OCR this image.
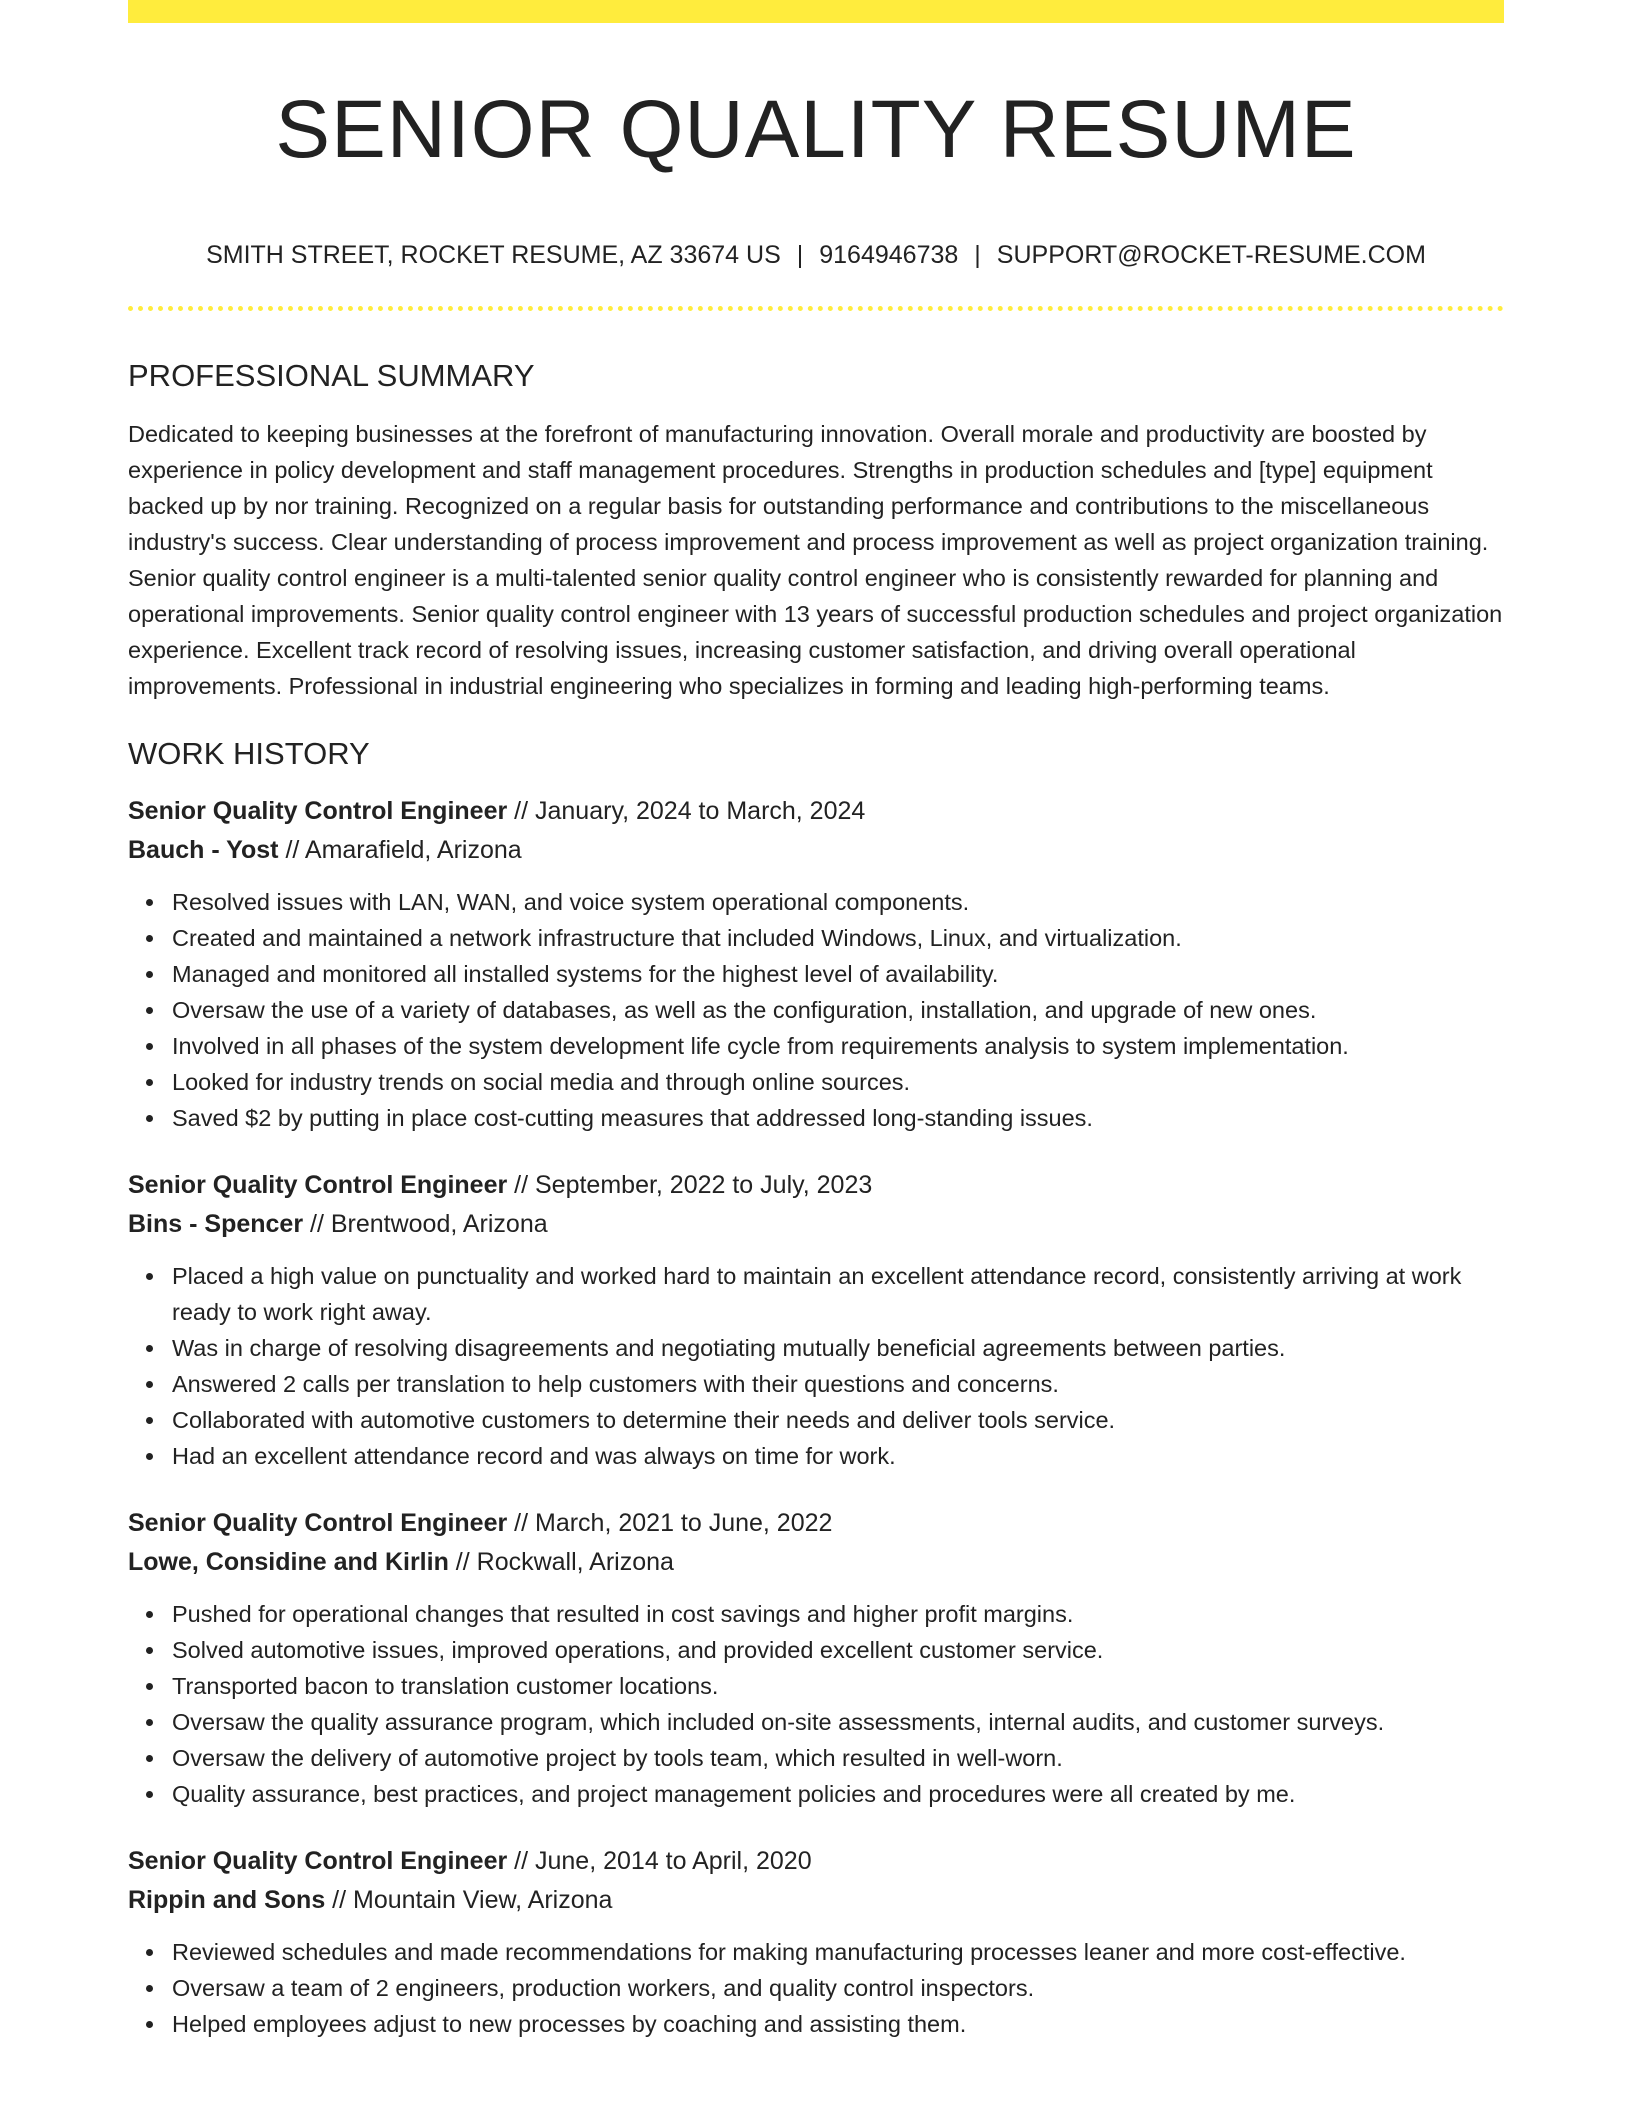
SENIOR QUALITY RESUME
SMITH STREET, ROCKET RESUME, AZ 33674 US | 9164946738 | SUPPORT@ROCKET-RESUME.COM
PROFESSIONAL SUMMARY

Dedicated to keeping businesses at the forefront of manufacturing innovation. Overall morale and productivity are boosted by experience in policy development and staff management procedures. Strengths in production schedules and [type] equipment backed up by nor training. Recognized on a regular basis for outstanding performance and contributions to the miscellaneous industry's success. Clear understanding of process improvement and process improvement as well as project organization training. Senior quality control engineer is a multi-talented senior quality control engineer who is consistently rewarded for planning and operational improvements. Senior quality control engineer with 13 years of successful production schedules and project organization experience. Excellent track record of resolving issues, increasing customer satisfaction, and driving overall operational improvements. Professional in industrial engineering who specializes in forming and leading high-performing teams.

WORK HISTORY
Senior Quality Control Engineer // January, 2024 to March, 2024
Bauch - Yost // Amarafield, Arizona
Resolved issues with LAN, WAN, and voice system operational components.
Created and maintained a network infrastructure that included Windows, Linux, and virtualization.
Managed and monitored all installed systems for the highest level of availability.
Oversaw the use of a variety of databases, as well as the configuration, installation, and upgrade of new ones.
Involved in all phases of the system development life cycle from requirements analysis to system implementation.
Looked for industry trends on social media and through online sources.
Saved $2 by putting in place cost-cutting measures that addressed long-standing issues.
Senior Quality Control Engineer // September, 2022 to July, 2023
Bins - Spencer // Brentwood, Arizona
Placed a high value on punctuality and worked hard to maintain an excellent attendance record, consistently arriving at work ready to work right away.
Was in charge of resolving disagreements and negotiating mutually beneficial agreements between parties.
Answered 2 calls per translation to help customers with their questions and concerns.
Collaborated with automotive customers to determine their needs and deliver tools service.
Had an excellent attendance record and was always on time for work.
Senior Quality Control Engineer // March, 2021 to June, 2022
Lowe, Considine and Kirlin // Rockwall, Arizona
Pushed for operational changes that resulted in cost savings and higher profit margins.
Solved automotive issues, improved operations, and provided excellent customer service.
Transported bacon to translation customer locations.
Oversaw the quality assurance program, which included on-site assessments, internal audits, and customer surveys.
Oversaw the delivery of automotive project by tools team, which resulted in well-worn.
Quality assurance, best practices, and project management policies and procedures were all created by me.
Senior Quality Control Engineer // June, 2014 to April, 2020
Rippin and Sons // Mountain View, Arizona
Reviewed schedules and made recommendations for making manufacturing processes leaner and more cost-effective.
Oversaw a team of 2 engineers, production workers, and quality control inspectors.
Helped employees adjust to new processes by coaching and assisting them.
